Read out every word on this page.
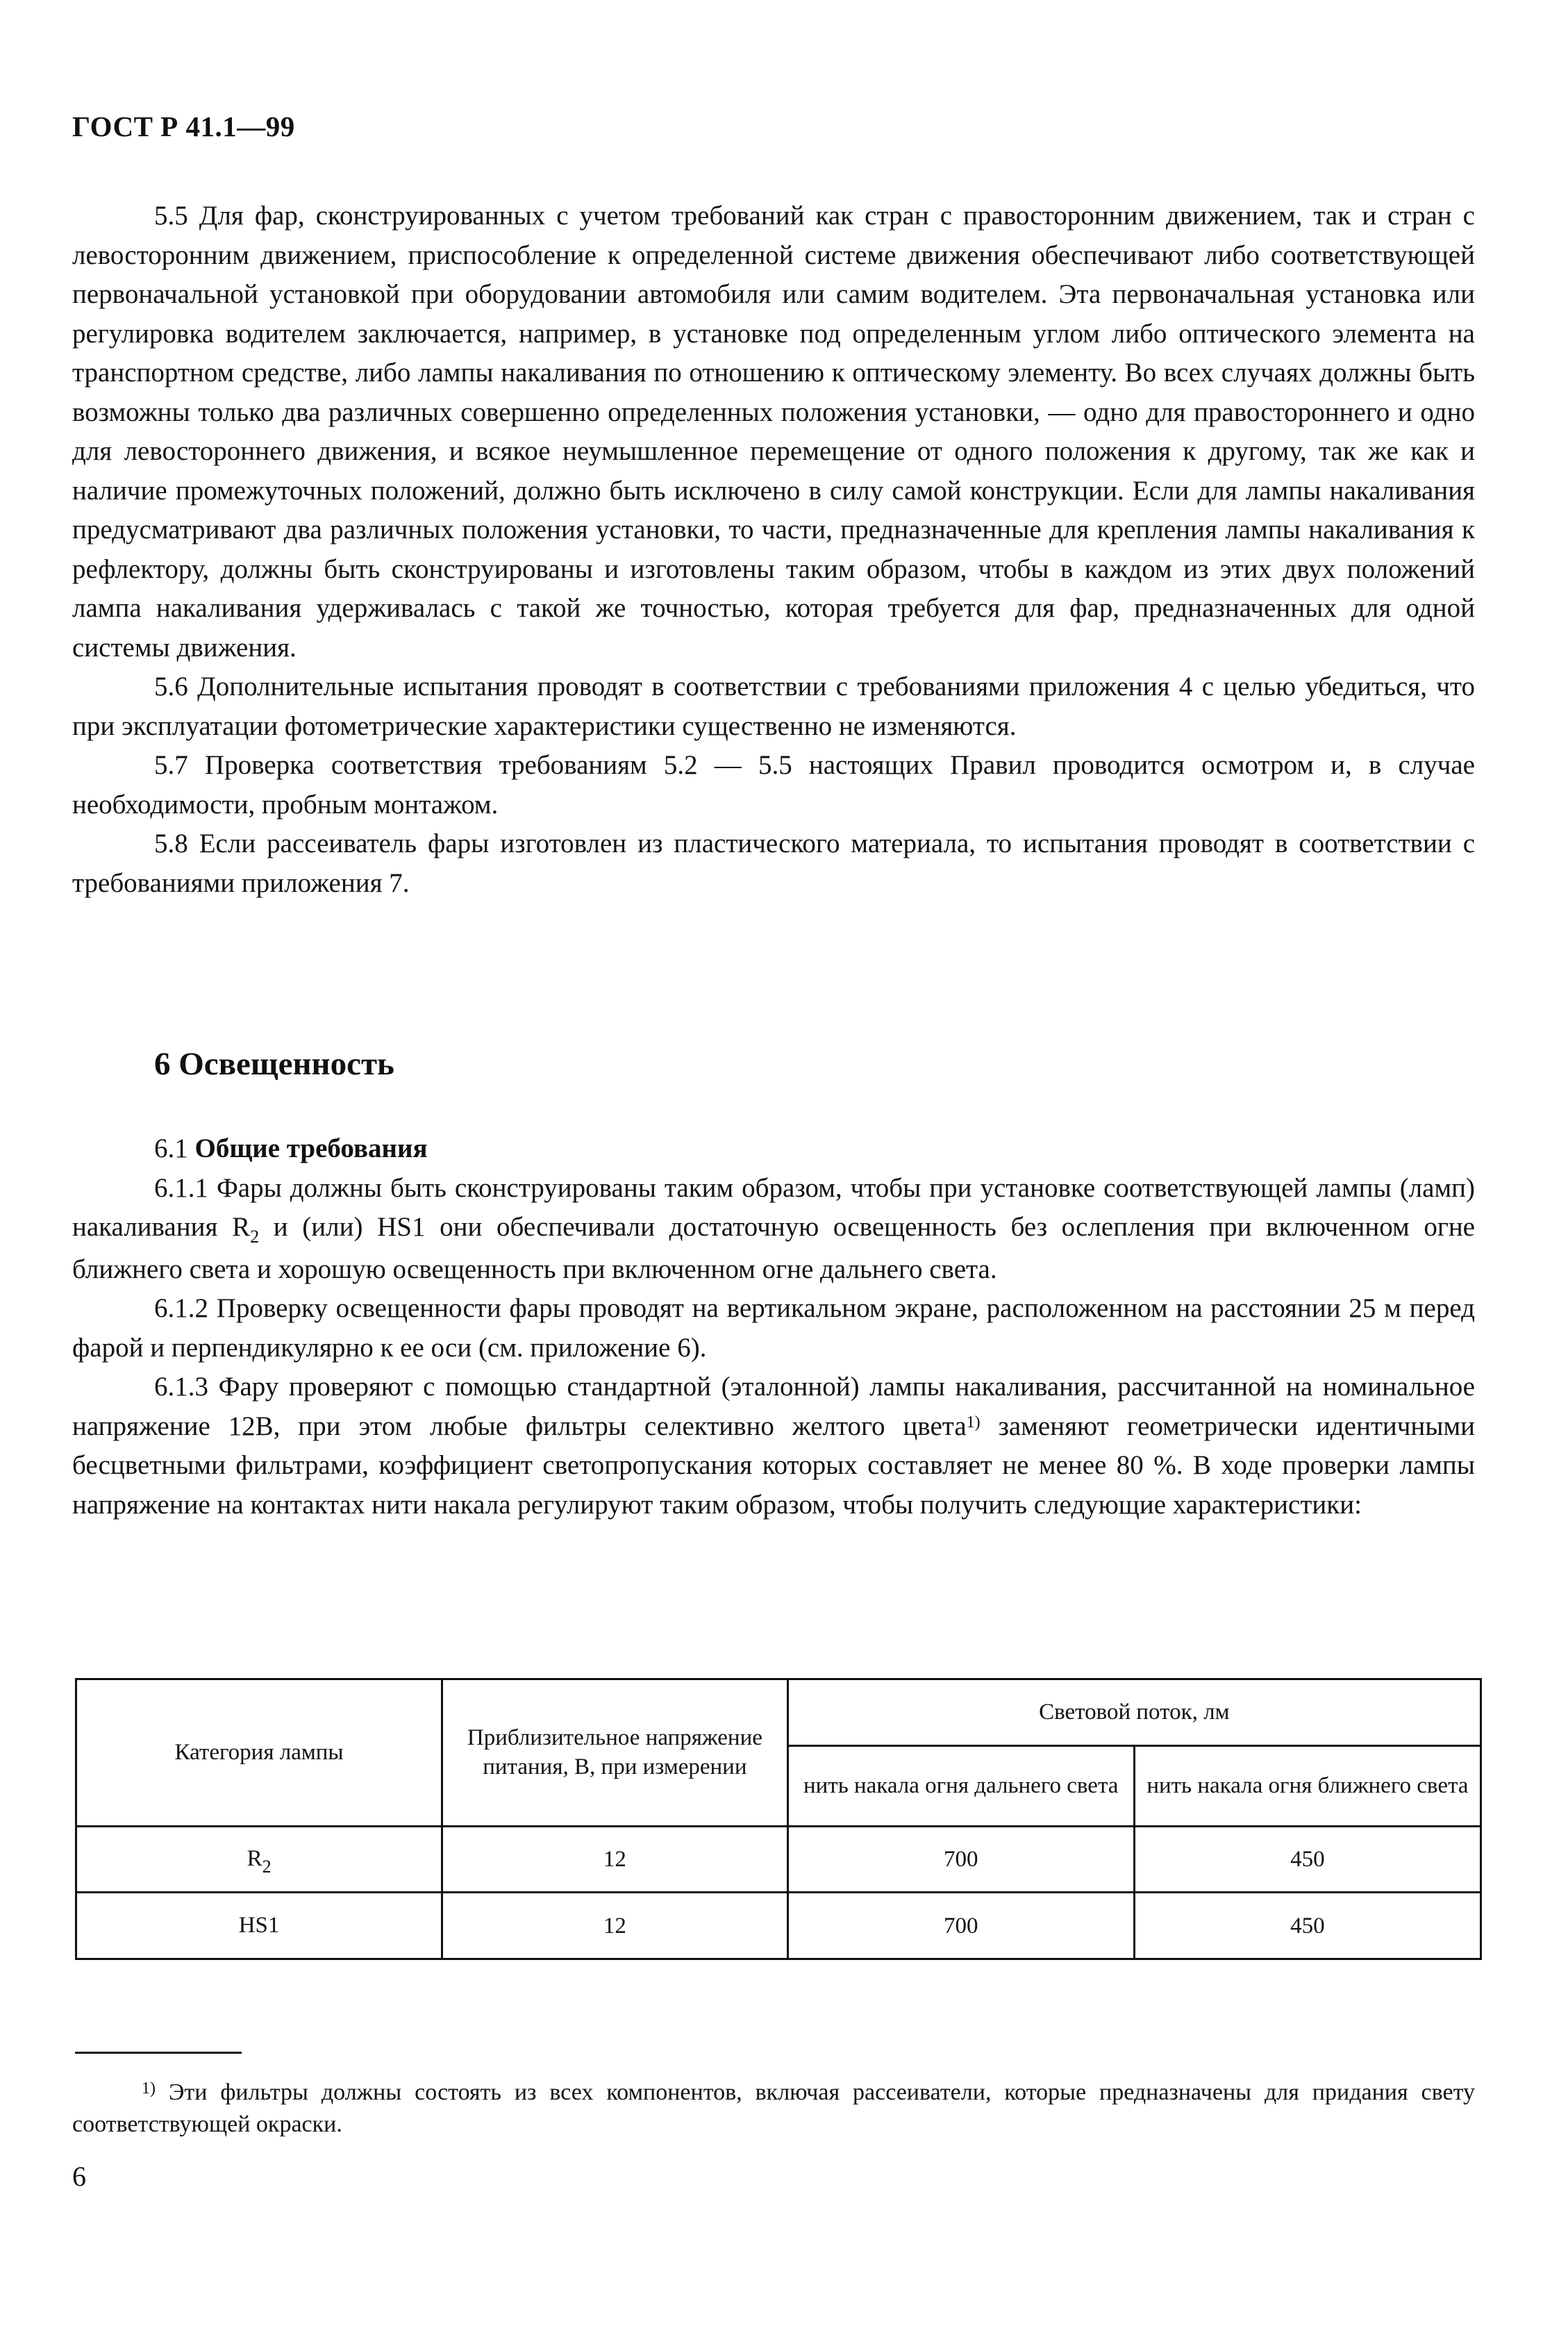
ГОСТ Р 41.1—99

5.5 Для фар, сконструированных с учетом требований как стран с правосторонним движением, так и стран с левосторонним движением, приспособление к определенной системе движения обеспечивают либо соответствующей первоначальной установкой при оборудовании автомобиля или самим водителем. Эта первоначальная установка или регулировка водителем заключается, например, в установке под определенным углом либо оптического элемента на транспортном средстве, либо лампы накаливания по отношению к оптическому элементу. Во всех случаях должны быть возможны только два различных совершенно определенных положения установки, — одно для правостороннего и одно для левостороннего движения, и всякое неумышленное перемещение от одного положения к другому, так же как и наличие промежуточных положений, должно быть исключено в силу самой конструкции. Если для лампы накаливания предусматривают два различных положения установки, то части, предназначенные для крепления лампы накаливания к рефлектору, должны быть сконструированы и изготовлены таким образом, чтобы в каждом из этих двух положений лампа накаливания удерживалась с такой же точностью, которая требуется для фар, предназначенных для одной системы движения.

5.6 Дополнительные испытания проводят в соответствии с требованиями приложения 4 с целью убедиться, что при эксплуатации фотометрические характеристики существенно не изменяются.

5.7 Проверка соответствия требованиям 5.2 — 5.5 настоящих Правил проводится осмотром и, в случае необходимости, пробным монтажом.

5.8 Если рассеиватель фары изготовлен из пластического материала, то испытания проводят в соответствии с требованиями приложения 7.

6 Освещенность

6.1 Общие требования

6.1.1 Фары должны быть сконструированы таким образом, чтобы при установке соответствующей лампы (ламп) накаливания $R_2$ и (или) HS1 они обеспечивали достаточную освещенность без ослепления при включенном огне ближнего света и хорошую освещенность при включенном огне дальнего света.

6.1.2 Проверку освещенности фары проводят на вертикальном экране, расположенном на расстоянии 25 м перед фарой и перпендикулярно к ее оси (см. приложение 6).

6.1.3 Фару проверяют с помощью стандартной (эталонной) лампы накаливания, рассчитанной на номинальное напряжение 12В, при этом любые фильтры селективно желтого цвета$^{1)}$ заменяют геометрически идентичными бесцветными фильтрами, коэффициент светопропускания которых составляет не менее 80 %. В ходе проверки лампы напряжение на контактах нити накала регулируют таким образом, чтобы получить следующие характеристики:

Категория лампы	Приблизительное напряжение питания, В, при измерении	Световой поток, лм	
		нить накала огня дальнего света	нить накала огня ближнего света
$R_2$	12	700	450
HS1	12	700	450
$^{1)}$ Эти фильтры должны состоять из всех компонентов, включая рассеиватели, которые предназначены для придания свету соответствующей окраски.
6
